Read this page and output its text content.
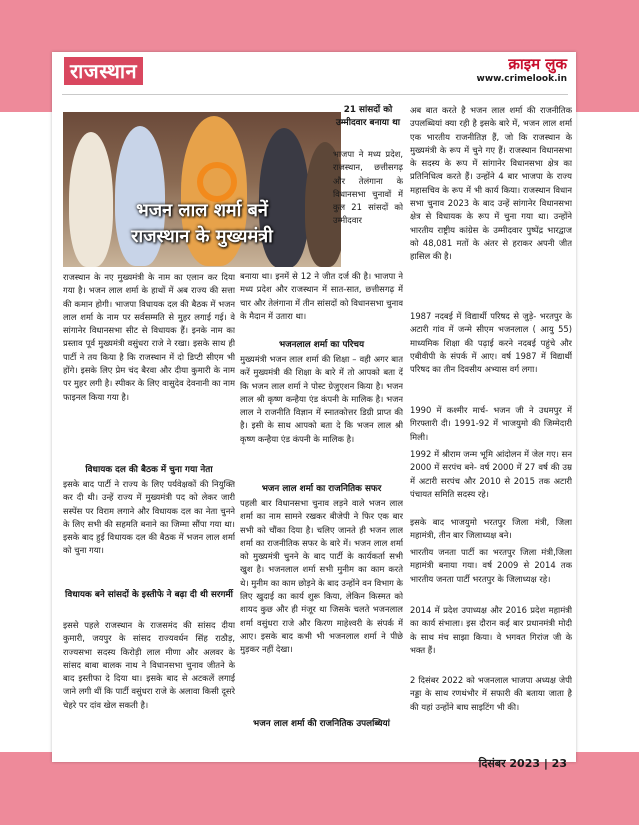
राजस्थान	क्राइम लुक
www.crimelook.in
भजन लाल शर्मा बनें
राजस्थान के मुख्यमंत्री
राजस्थान के नए मुख्यमंत्री के नाम का एलान कर दिया गया है। भजन लाल शर्मा के हाथों में अब राज्य की सत्ता की कमान होगी। भाजपा विधायक दल की बैठक में भजन लाल शर्मा के नाम पर सर्वसम्मति से मुहर लगाई गई। वे सांगानेर विधानसभा सीट से विधायक हैं। इनके नाम का प्रस्ताव पूर्व मुख्यमंत्री वसुंधरा राजे ने रखा। इसके साथ ही पार्टी ने तय किया है कि राजस्थान में दो डिप्टी सीएम भी होंगे। इसके लिए प्रेम चंद बैरवा और दीया कुमारी के नाम पर मुहर लगी है। स्पीकर के लिए वासुदेव देवनानी का नाम फाइनल किया गया है।
विधायक दल की बैठक में चुना गया नेता
इसके बाद पार्टी ने राज्य के लिए पर्यवेक्षकों की नियुक्ति कर दी थी। उन्हें राज्य में मुख्यमंत्री पद को लेकर जारी सस्पेंस पर विराम लगाने और विधायक दल का नेता चुनने के लिए सभी की सहमति बनाने का जिम्मा सौंपा गया था। इसके बाद हुई विधायक दल की बैठक में भजन लाल शर्मा को चुना गया।
विधायक बने सांसदों के इस्तीफे ने बढ़ा दी थी सरगर्मी
इससे पहले राजस्थान के राजसमंद की सांसद दीया कुमारी, जयपुर के सांसद राज्यवर्धन सिंह राठौड़, राज्यसभा सदस्य किरोड़ी लाल मीणा और अलवर के सांसद बाबा बालक नाथ ने विधानसभा चुनाव जीतने के बाद इस्तीफा दे दिया था। इसके बाद से अटकलें लगाई जाने लगी थीं कि पार्टी वसुंधरा राजे के अलावा किसी दूसरे चेहरे पर दांव खेल सकती है।
21 सांसदों को उम्मीदवार बनाया था
भाजपा ने मध्य प्रदेश, राजस्थान, छत्तीसगढ़ और तेलंगाना के विधानसभा चुनावों में कुल 21 सांसदों को उम्मीदवार
बनाया था। इनमें से 12 ने जीत दर्ज की है। भाजपा ने मध्य प्रदेश और राजस्थान में सात-सात, छत्तीसगढ़ में चार और तेलंगाना में तीन सांसदों को विधानसभा चुनाव के मैदान में उतारा था।
भजनलाल शर्मा का परिचय
मुख्यमंत्री भजन लाल शर्मा की शिक्षा – वही अगर बात करें मुख्यमंत्री की शिक्षा के बारे में तो आपको बता दें कि भजन लाल शर्मा ने पोस्ट ग्रेजुएशन किया है। भजन लाल श्री कृष्ण कन्हैया एंड कंपनी के मालिक है। भजन लाल ने राजनीति विज्ञान में स्नातकोत्तर डिग्री प्राप्त की है। इसी के साथ आपको बता दे कि भजन लाल श्री कृष्ण कन्हैया एंड कंपनी के मालिक है।
भजन लाल शर्मा का राजनितिक सफर
पहली बार विधानसभा चुनाव लड़ने वाले भजन लाल शर्मा का नाम सामने रखकर बीजेपी ने फिर एक बार सभी को चौंका दिया है। चलिए जानते ही भजन लाल शर्मा का राजनीतिक सफर के बारे में। भजन लाल शर्मा को मुख्यमंत्री चुनने के बाद पार्टी के कार्यकर्ता सभी खुश है। भजनलाल शर्मा सभी मुनीम का काम करते थे। मुनीम का काम छोड़ने के बाद उन्होंने वन विभाग के लिए खुदाई का कार्य शुरू किया, लेकिन किस्मत को शायद कुछ और ही मंजूर था जिसके चलते भजनलाल शर्मा वसुंधरा राजे और किरण माहेश्वरी के संपर्क में आए। इसके बाद कभी भी भजनलाल शर्मा ने पीछे मुड़कर नहीं देखा।
भजन लाल शर्मा की राजनितिक उपलब्धियां
अब बात करते है भजन लाल शर्मा की राजनीतिक उपलब्धियां क्या रही है इसके बारे में, भजन लाल शर्मा एक भारतीय राजनीतिज्ञ हैं, जो कि राजस्थान के मुख्यमंत्री के रूप में चुने गए हैं। राजस्थान विधानसभा के सदस्य के रूप में सांगानेर विधानसभा क्षेत्र का प्रतिनिधित्व करते हैं। उन्होंने 4 बार भाजपा के राज्य महासचिव के रूप में भी कार्य किया। राजस्थान विधान सभा चुनाव 2023 के बाद उन्हें सांगानेर विधानसभा क्षेत्र से विधायक के रूप में चुना गया था। उन्होंने भारतीय राष्ट्रीय कांग्रेस के उम्मीदवार पुष्पेंद्र भारद्वाज को 48,081 मतों के अंतर से हराकर अपनी जीत हासिल की है।
1987 नदबई में विद्यार्थी परिषद से जुड़े- भरतपुर के अटारी गांव में जन्मे सीएम भजनलाल ( आयु 55) माध्यमिक शिक्षा की पढ़ाई करने नदबई पहुंचे और एबीवीपी के संपर्क में आए। वर्ष 1987 में विद्यार्थी परिषद का तीन दिवसीय अभ्यास वर्ग लगा।
1990 में कश्मीर मार्च- भजन जी ने उधमपुर में गिरफ्तारी दी। 1991-92 में भाजयुमो की जिम्मेदारी मिली।
1992 में श्रीराम जन्म भूमि आंदोलन में जेल गए। सन 2000 में सरपंच बने- वर्ष 2000 में 27 वर्ष की उम्र में अटारी सरपंच और 2010 से 2015 तक अटारी पंचायत समिति सदस्य रहे।
इसके बाद भाजयुमो भरतपुर जिला मंत्री, जिला महामंत्री, तीन बार जिलाध्यक्ष बने।
भारतीय जनता पार्टी का भरतपुर जिला मंत्री,जिला महामंत्री बनाया गया। वर्ष 2009 से 2014 तक भारतीय जनता पार्टी भरतपुर के जिलाध्यक्ष रहे।
2014 में प्रदेश उपाध्यक्ष और 2016 प्रदेश महामंत्री का कार्य संभाला। इस दौरान कई बार प्रधानमंत्री मोदी के साथ मंच साझा किया। वे भगवत गिरांज जी के भक्त हैं।
2 दिसंबर 2022 को भजनलाल भाजपा अध्यक्ष जेपी नड्डा के साथ रणथंभौर में सफारी की बताया जाता है की यहां उन्होंने बाघ साइटिंग भी की।
दिसंबर 2023 | 23
